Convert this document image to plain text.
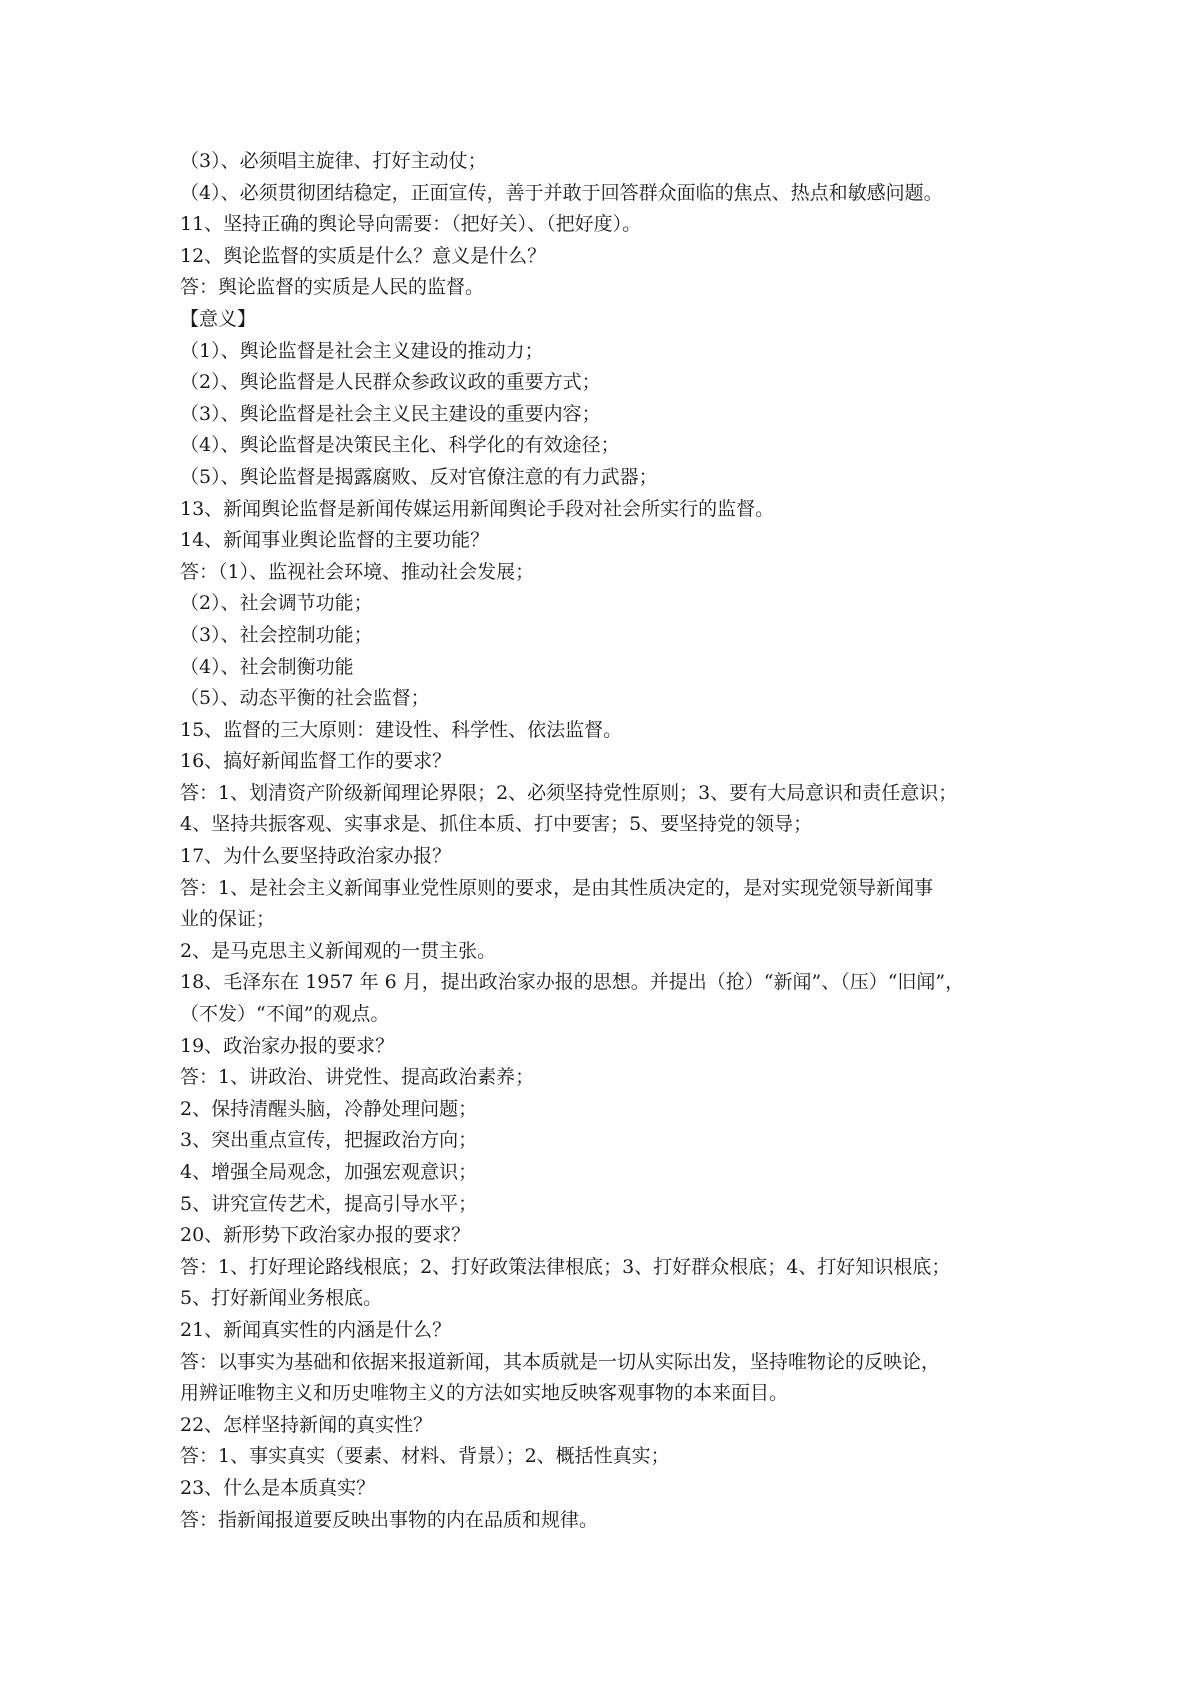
（3）、必须唱主旋律、打好主动仗；
（4）、必须贯彻团结稳定，正面宣传，善于并敢于回答群众面临的焦点、热点和敏感问题。
11、坚持正确的舆论导向需要：（把好关）、（把好度）。
12、舆论监督的实质是什么？意义是什么？
答：舆论监督的实质是人民的监督。
【意义】
（1）、舆论监督是社会主义建设的推动力；
（2）、舆论监督是人民群众参政议政的重要方式；
（3）、舆论监督是社会主义民主建设的重要内容；
（4）、舆论监督是决策民主化、科学化的有效途径；
（5）、舆论监督是揭露腐败、反对官僚注意的有力武器；
13、新闻舆论监督是新闻传媒运用新闻舆论手段对社会所实行的监督。
14、新闻事业舆论监督的主要功能？
答：（1）、监视社会环境、推动社会发展；
（2）、社会调节功能；
（3）、社会控制功能；
（4）、社会制衡功能
（5）、动态平衡的社会监督；
15、监督的三大原则：建设性、科学性、依法监督。
16、搞好新闻监督工作的要求？
答：1、划清资产阶级新闻理论界限；2、必须坚持党性原则；3、要有大局意识和责任意识；
4、坚持共振客观、实事求是、抓住本质、打中要害；5、要坚持党的领导；
17、为什么要坚持政治家办报？
答：1、是社会主义新闻事业党性原则的要求，是由其性质决定的，是对实现党领导新闻事
业的保证；
2、是马克思主义新闻观的一贯主张。
18、毛泽东在 1957 年 6 月，提出政治家办报的思想。并提出（抢）“新闻”、（压）“旧闻”，
（不发）“不闻”的观点。
19、政治家办报的要求？
答：1、讲政治、讲党性、提高政治素养；
2、保持清醒头脑，冷静处理问题；
3、突出重点宣传，把握政治方向；
4、增强全局观念，加强宏观意识；
5、讲究宣传艺术，提高引导水平；
20、新形势下政治家办报的要求？
答：1、打好理论路线根底；2、打好政策法律根底；3、打好群众根底；4、打好知识根底；
5、打好新闻业务根底。
21、新闻真实性的内涵是什么？
答：以事实为基础和依据来报道新闻，其本质就是一切从实际出发，坚持唯物论的反映论，
用辨证唯物主义和历史唯物主义的方法如实地反映客观事物的本来面目。
22、怎样坚持新闻的真实性？
答：1、事实真实（要素、材料、背景）；2、概括性真实；
23、什么是本质真实？
答：指新闻报道要反映出事物的内在品质和规律。
